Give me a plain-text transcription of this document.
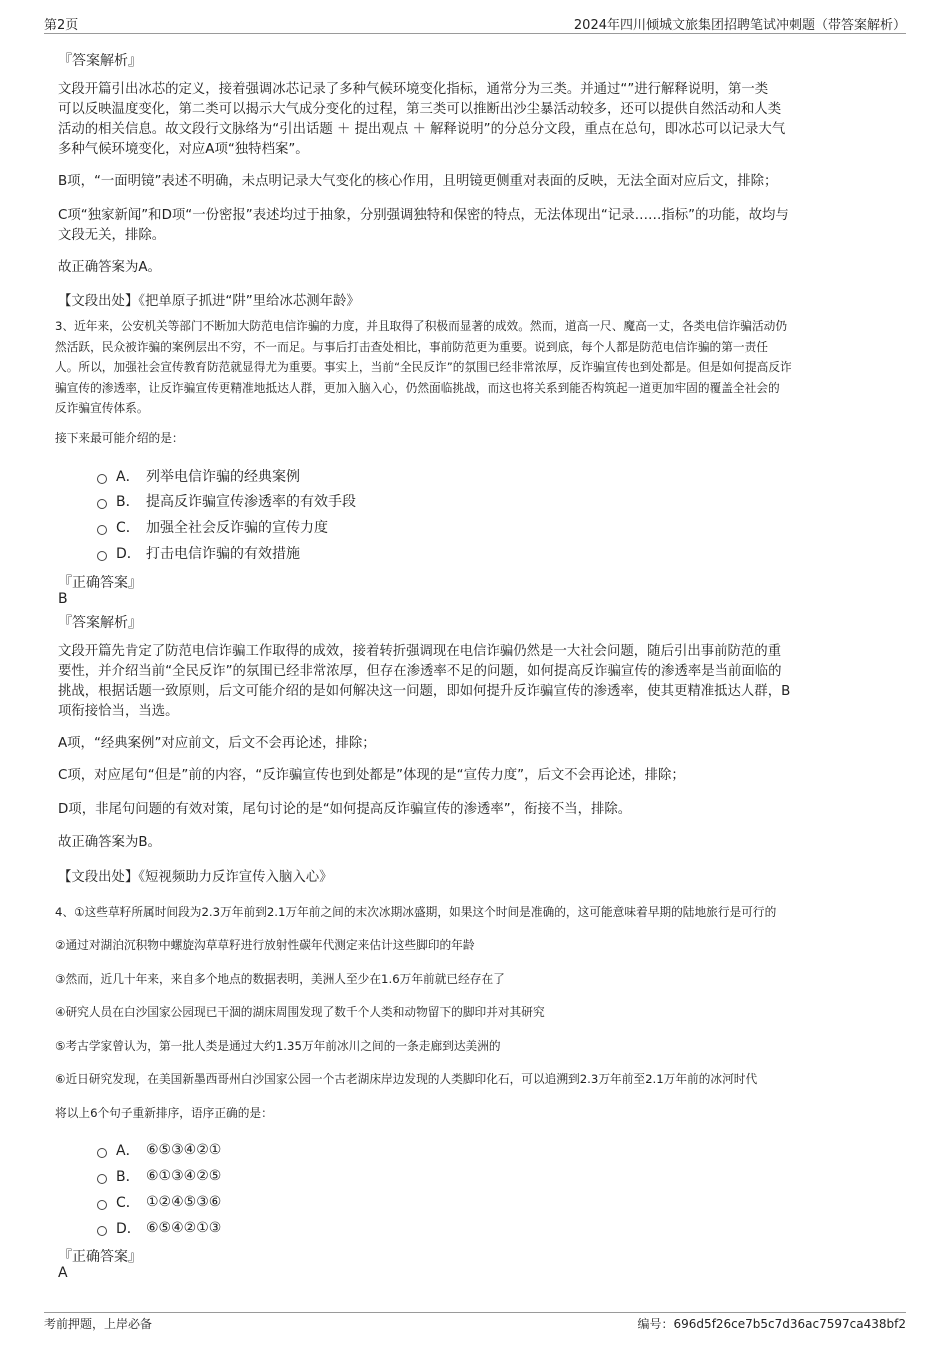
第2页	2024年四川倾城文旅集团招聘笔试冲刺题（带答案解析）
『答案解析』
文段开篇引出冰芯的定义，接着强调冰芯记录了多种气候环境变化指标，通常分为三类。并通过“”进行解释说明，第一类
可以反映温度变化，第二类可以揭示大气成分变化的过程，第三类可以推断出沙尘暴活动较多，还可以提供自然活动和人类
活动的相关信息。故文段行文脉络为“引出话题 ＋ 提出观点 ＋ 解释说明”的分总分文段，重点在总句，即冰芯可以记录大气
多种气候环境变化，对应A项“独特档案”。
B项，“一面明镜”表述不明确，未点明记录大气变化的核心作用，且明镜更侧重对表面的反映，无法全面对应后文，排除；
C项“独家新闻”和D项“一份密报”表述均过于抽象，分别强调独特和保密的特点，无法体现出“记录……指标”的功能，故均与
文段无关，排除。
故正确答案为A。
【文段出处】《把单原子抓进“阱”里给冰芯测年龄》
3、近年来，公安机关等部门不断加大防范电信诈骗的力度，并且取得了积极而显著的成效。然而，道高一尺、魔高一丈，各类电信诈骗活动仍
然活跃，民众被诈骗的案例层出不穷，不一而足。与事后打击查处相比，事前防范更为重要。说到底，每个人都是防范电信诈骗的第一责任
人。所以，加强社会宣传教育防范就显得尤为重要。事实上，当前“全民反诈”的氛围已经非常浓厚，反诈骗宣传也到处都是。但是如何提高反诈
骗宣传的渗透率，让反诈骗宣传更精准地抵达人群，更加入脑入心，仍然面临挑战，而这也将关系到能否构筑起一道更加牢固的覆盖全社会的
反诈骗宣传体系。
接下来最可能介绍的是：
A． 列举电信诈骗的经典案例
B． 提高反诈骗宣传渗透率的有效手段
C． 加强全社会反诈骗的宣传力度
D． 打击电信诈骗的有效措施
『正确答案』
B
『答案解析』
文段开篇先肯定了防范电信诈骗工作取得的成效，接着转折强调现在电信诈骗仍然是一大社会问题，随后引出事前防范的重
要性，并介绍当前“全民反诈”的氛围已经非常浓厚，但存在渗透率不足的问题，如何提高反诈骗宣传的渗透率是当前面临的
挑战，根据话题一致原则，后文可能介绍的是如何解决这一问题，即如何提升反诈骗宣传的渗透率，使其更精准抵达人群，B
项衔接恰当，当选。
A项，“经典案例”对应前文，后文不会再论述，排除；
C项，对应尾句“但是”前的内容，“反诈骗宣传也到处都是”体现的是“宣传力度”，后文不会再论述，排除；
D项，非尾句问题的有效对策，尾句讨论的是“如何提高反诈骗宣传的渗透率”，衔接不当，排除。
故正确答案为B。
【文段出处】《短视频助力反诈宣传入脑入心》
4、①这些草籽所属时间段为2.3万年前到2.1万年前之间的末次冰期冰盛期，如果这个时间是准确的，这可能意味着早期的陆地旅行是可行的
②通过对湖泊沉积物中螺旋沟草草籽进行放射性碳年代测定来估计这些脚印的年龄
③然而，近几十年来，来自多个地点的数据表明，美洲人至少在1.6万年前就已经存在了
④研究人员在白沙国家公园现已干涸的湖床周围发现了数千个人类和动物留下的脚印并对其研究
⑤考古学家曾认为，第一批人类是通过大约1.35万年前冰川之间的一条走廊到达美洲的
⑥近日研究发现，在美国新墨西哥州白沙国家公园一个古老湖床岸边发现的人类脚印化石，可以追溯到2.3万年前至2.1万年前的冰河时代
将以上6个句子重新排序，语序正确的是：
A． ⑥⑤③④②①
B． ⑥①③④②⑤
C． ①②④⑤③⑥
D． ⑥⑤④②①③
『正确答案』
A
考前押题，上岸必备	编号：696d5f26ce7b5c7d36ac7597ca438bf2
